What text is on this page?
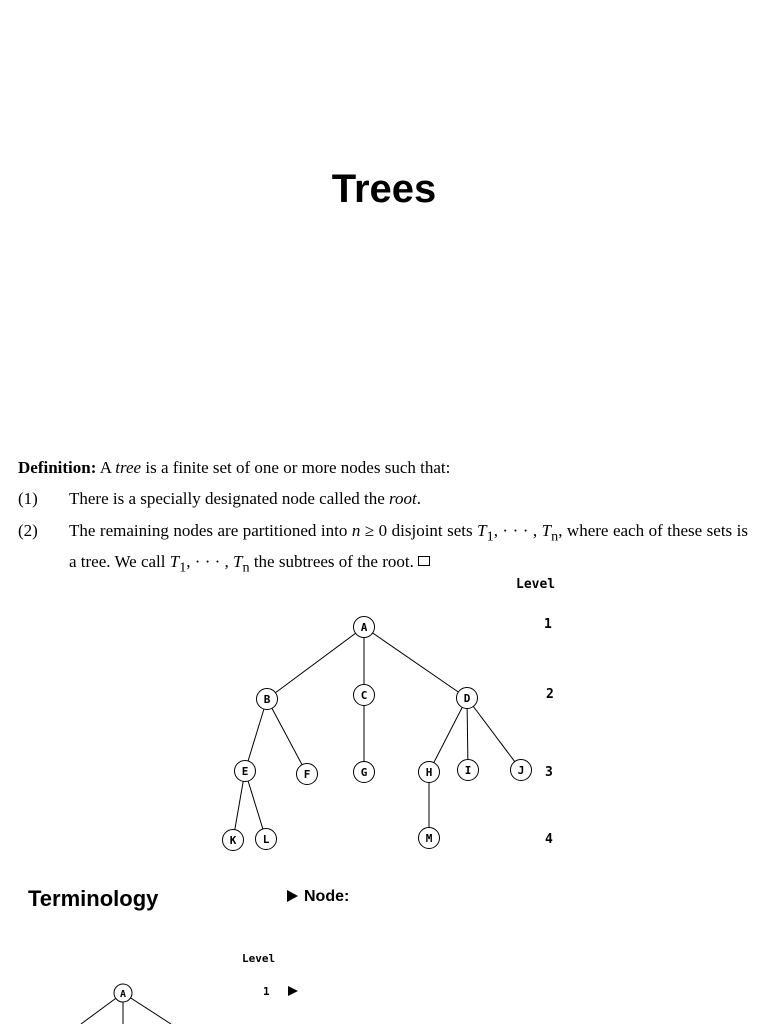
Trees
Definition: A tree is a finite set of one or more nodes such that:
(1) There is a specially designated node called the root.
(2) The remaining nodes are partitioned into n ≥ 0 disjoint sets $T_1$, · · · , $T_n$, where each of these sets is a tree. We call $T_1$, · · · , $T_n$ the subtrees of the root.
Level
1
2
3
4
A
B	C	D
E	F	G	H	I	J
K L	M
A
Terminology	Node:
Level
1
